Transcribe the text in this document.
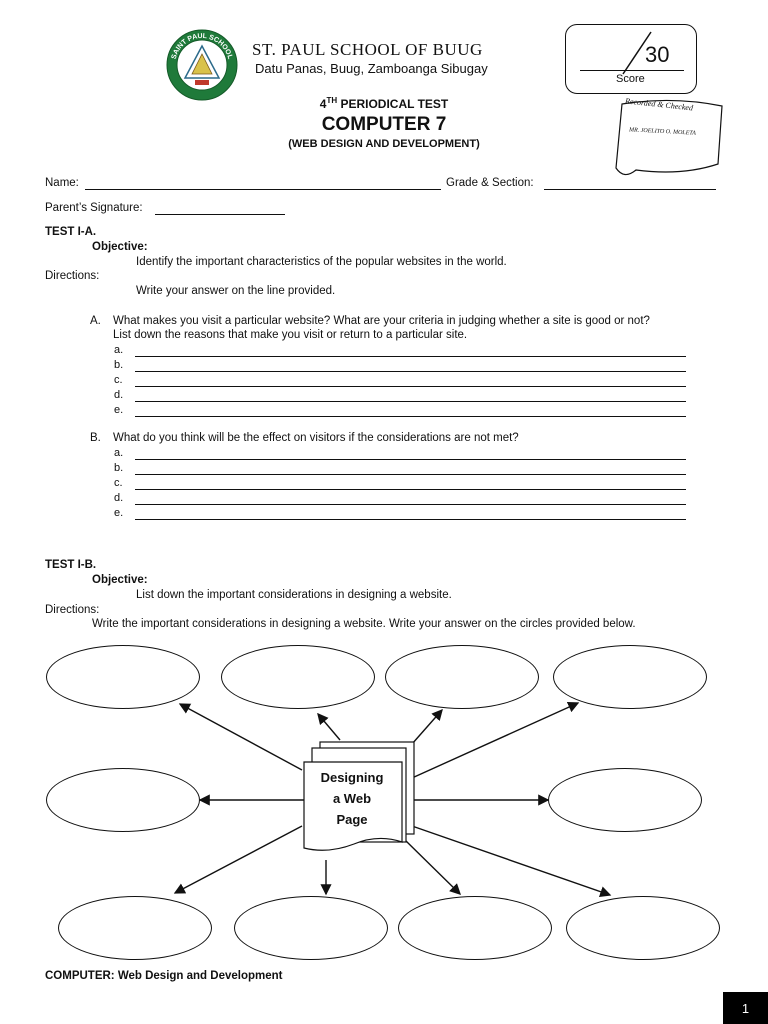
SAINT PAUL SCHOOL ST. PAUL SCHOOL OF BUUG
Datu Panas, Buug, Zamboanga Sibugay
4TH PERIODICAL TEST
COMPUTER 7
(WEB DESIGN AND DEVELOPMENT)
30
Score
Recorded & Checked
MR. JOELITO O. MOLETA
Name:	Grade & Section:
Parent’s Signature:
TEST I-A.
Objective:
Identify the important characteristics of the popular websites in the world.
Directions:
Write your answer on the line provided.
A. What makes you visit a particular website? What are your criteria in judging whether a site is good or not?
List down the reasons that make you visit or return to a particular site.
a.
b.
c.
d.
e.
B. What do you think will be the effect on visitors if the considerations are not met?
a.
b.
c.
d.
e.
TEST I-B.
Objective:
List down the important considerations in designing a website.
Directions:
Write the important considerations in designing a website. Write your answer on the circles provided below.
Designing
a Web
Page
COMPUTER: Web Design and Development
1
